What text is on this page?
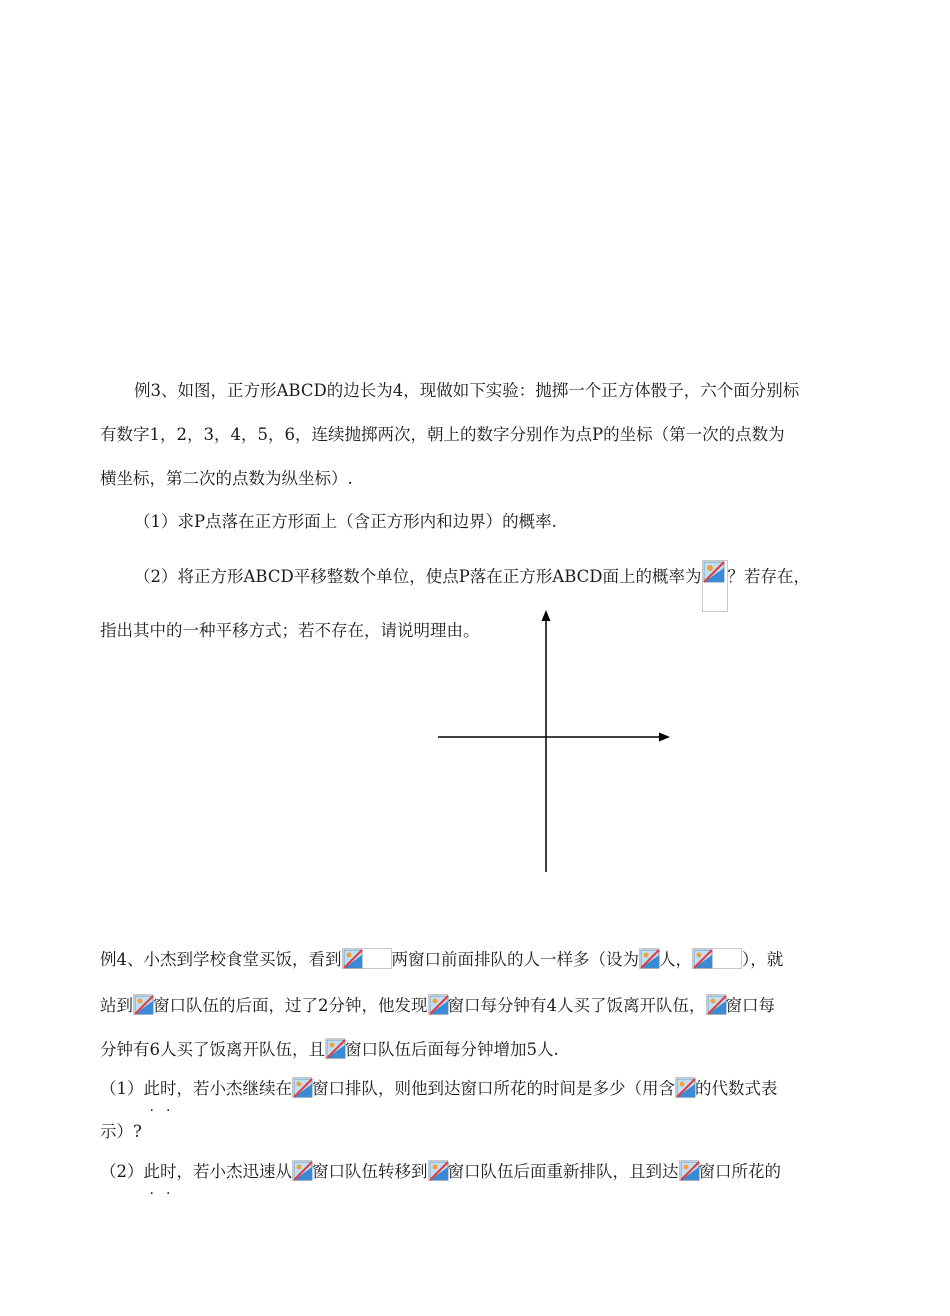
例3、如图，正方形ABCD的边长为4，现做如下实验：抛掷一个正方体骰子，六个面分别标
有数字1，2，3，4，5，6，连续抛掷两次，朝上的数字分别作为点P的坐标（第一次的点数为
横坐标，第二次的点数为纵坐标）.
（1）求P点落在正方形面上（含正方形内和边界）的概率.
（2）将正方形ABCD平移整数个单位，使点P落在正方形ABCD面上的概率为 ？若存在，
指出其中的一种平移方式；若不存在，请说明理由。
例4、小杰到学校食堂买饭，看到	两窗口前面排队的人一样多（设为 人，	），就
站到 窗口队伍的后面，过了2分钟，他发现 窗口每分钟有4人买了饭离开队伍， 窗口每
分钟有6人买了饭离开队伍，且 窗口队伍后面每分钟增加5人.
（1）此时，若小杰继续在 窗口排队，则他到达窗口所花的时间是多少（用含 的代数式表
示）?
（2）此时，若小杰迅速从 窗口队伍转移到 窗口队伍后面重新排队，且到达 窗口所花的
